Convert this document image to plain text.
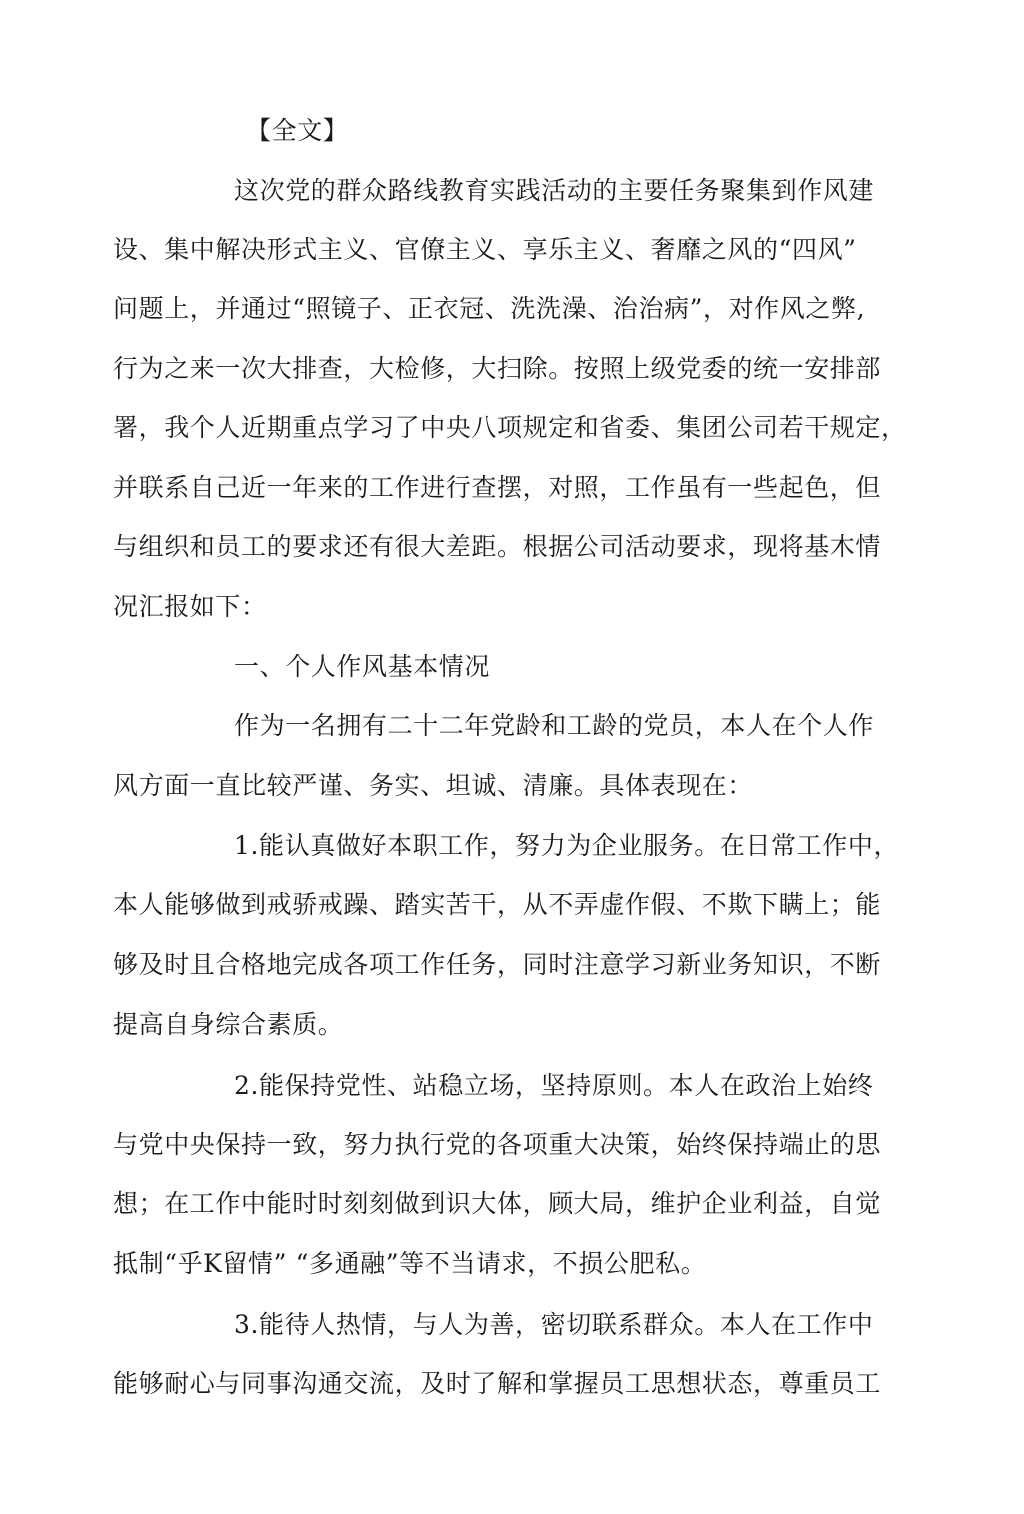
【全文】
这次党的群众路线教育实践活动的主要任务聚集到作风建
设、集中解决形式主义、官僚主义、享乐主义、奢靡之风的“四风”
问题上，并通过“照镜子、正衣冠、洗洗澡、治治病”，对作风之弊,
行为之来一次大排查，大检修，大扫除。按照上级党委的统一安排部
署，我个人近期重点学习了中央八项规定和省委、集团公司若干规定，
并联系自己近一年来的工作进行查摆，对照，工作虽有一些起色，但
与组织和员工的要求还有很大差距。根据公司活动要求，现将基木情
况汇报如下：
一、个人作风基本情况
作为一名拥有二十二年党龄和工龄的党员，本人在个人作
风方面一直比较严谨、务实、坦诚、清廉。具体表现在：
1.能认真做好本职工作，努力为企业服务。在日常工作中，
本人能够做到戒骄戒躁、踏实苦干，从不弄虚作假、不欺下瞒上；能
够及时且合格地完成各项工作任务，同时注意学习新业务知识，不断
提高自身综合素质。
2.能保持党性、站稳立场，坚持原则。本人在政治上始终
与党中央保持一致，努力执行党的各项重大决策，始终保持端止的思
想；在工作中能时时刻刻做到识大体，顾大局，维护企业利益，自觉
抵制“乎K留情” “多通融”等不当请求，不损公肥私。
3.能待人热情，与人为善，密切联系群众。本人在工作中
能够耐心与同事沟通交流，及时了解和掌握员工思想状态，尊重员工
